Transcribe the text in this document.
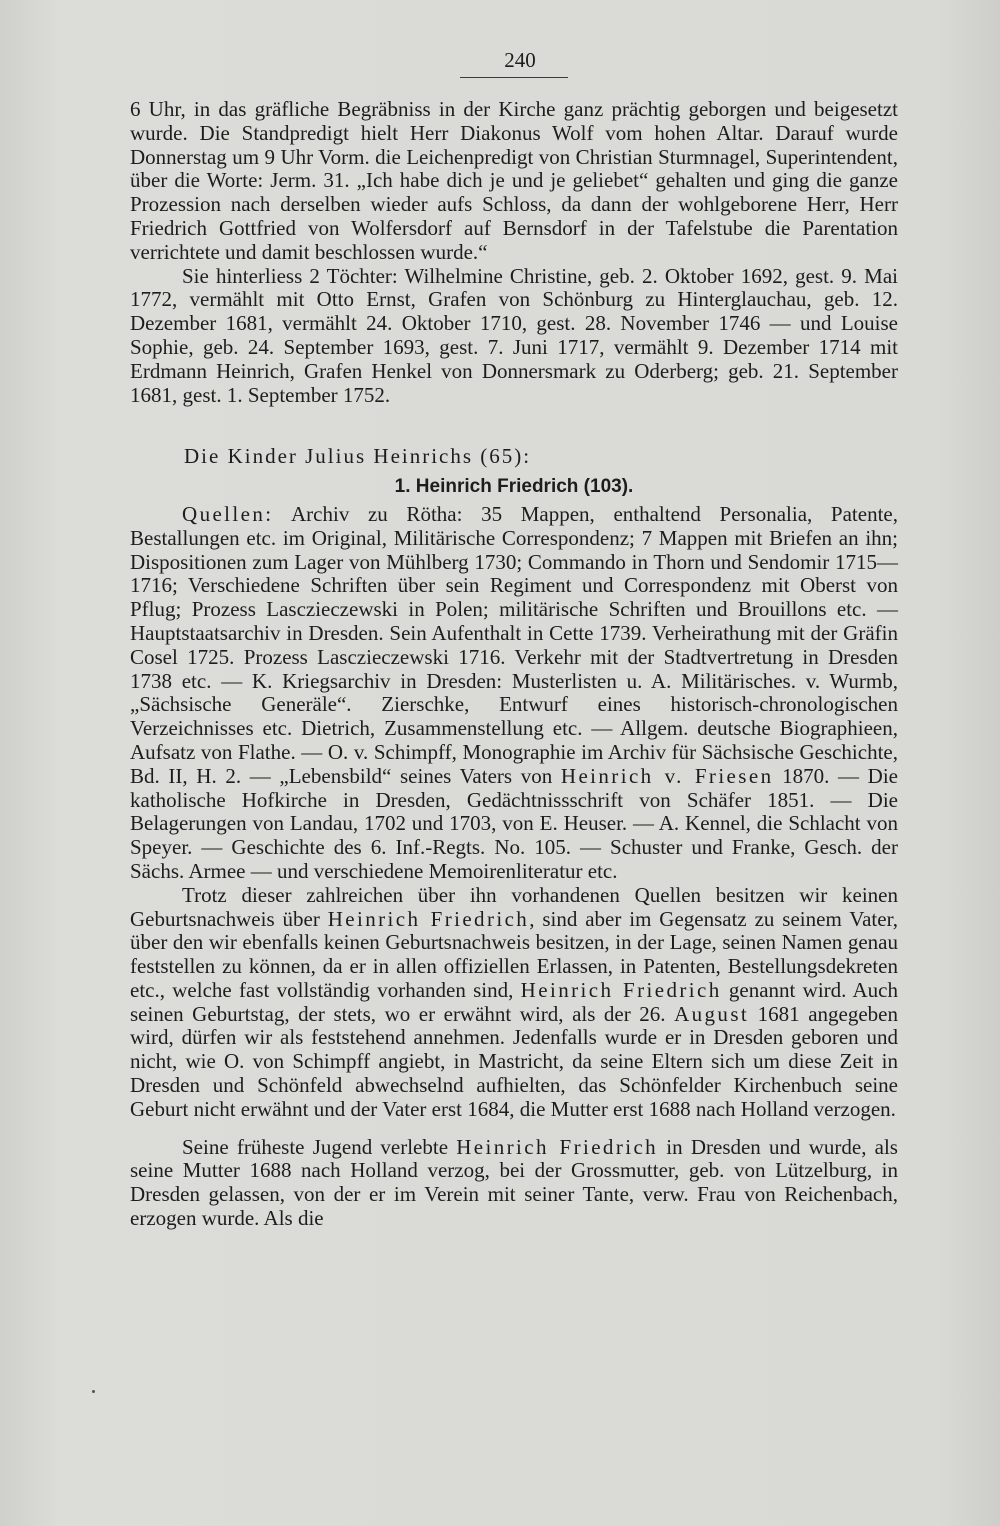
240

6 Uhr, in das gräfliche Begräbniss in der Kirche ganz prächtig geborgen und beigesetzt wurde. Die Standpredigt hielt Herr Diakonus Wolf vom hohen Altar. Darauf wurde Donnerstag um 9 Uhr Vorm. die Leichenpredigt von Christian Sturmnagel, Superintendent, über die Worte: Jerm. 31. „Ich habe dich je und je geliebet“ gehalten und ging die ganze Prozession nach derselben wieder aufs Schloss, da dann der wohlgeborene Herr, Herr Friedrich Gottfried von Wolfersdorf auf Bernsdorf in der Tafelstube die Parentation verrichtete und damit beschlossen wurde.“

Sie hinterliess 2 Töchter: Wilhelmine Christine, geb. 2. Oktober 1692, gest. 9. Mai 1772, vermählt mit Otto Ernst, Grafen von Schönburg zu Hinterglauchau, geb. 12. Dezember 1681, vermählt 24. Oktober 1710, gest. 28. November 1746 — und Louise Sophie, geb. 24. September 1693, gest. 7. Juni 1717, vermählt 9. Dezember 1714 mit Erdmann Heinrich, Grafen Henkel von Donnersmark zu Oderberg; geb. 21. September 1681, gest. 1. September 1752.

Die Kinder Julius Heinrichs (65):

1. Heinrich Friedrich (103).

Quellen: Archiv zu Rötha: 35 Mappen, enthaltend Personalia, Patente, Bestallungen etc. im Original, Militärische Correspondenz; 7 Mappen mit Briefen an ihn; Dispositionen zum Lager von Mühlberg 1730; Commando in Thorn und Sendomir 1715—1716; Verschiedene Schriften über sein Regiment und Correspondenz mit Oberst von Pflug; Prozess Lasczieczewski in Polen; militärische Schriften und Brouillons etc. — Hauptstaatsarchiv in Dresden. Sein Aufenthalt in Cette 1739. Verheirathung mit der Gräfin Cosel 1725. Prozess Lasczieczewski 1716. Verkehr mit der Stadtvertretung in Dresden 1738 etc. — K. Kriegsarchiv in Dresden: Musterlisten u. A. Militärisches. v. Wurmb, „Sächsische Generäle“. Zierschke, Entwurf eines historisch-chronologischen Verzeichnisses etc. Dietrich, Zusammenstellung etc. — Allgem. deutsche Biographieen, Aufsatz von Flathe. — O. v. Schimpff, Monographie im Archiv für Sächsische Geschichte, Bd. II, H. 2. — „Lebensbild“ seines Vaters von Heinrich v. Friesen 1870. — Die katholische Hofkirche in Dresden, Gedächtnissschrift von Schäfer 1851. — Die Belagerungen von Landau, 1702 und 1703, von E. Heuser. — A. Kennel, die Schlacht von Speyer. — Geschichte des 6. Inf.-Regts. No. 105. — Schuster und Franke, Gesch. der Sächs. Armee — und verschiedene Memoirenliteratur etc.

Trotz dieser zahlreichen über ihn vorhandenen Quellen besitzen wir keinen Geburtsnachweis über Heinrich Friedrich, sind aber im Gegensatz zu seinem Vater, über den wir ebenfalls keinen Geburtsnachweis besitzen, in der Lage, seinen Namen genau feststellen zu können, da er in allen offiziellen Erlassen, in Patenten, Bestellungsdekreten etc., welche fast vollständig vorhanden sind, Heinrich Friedrich genannt wird. Auch seinen Geburtstag, der stets, wo er erwähnt wird, als der 26. August 1681 angegeben wird, dürfen wir als feststehend annehmen. Jedenfalls wurde er in Dresden geboren und nicht, wie O. von Schimpff angiebt, in Mastricht, da seine Eltern sich um diese Zeit in Dresden und Schönfeld abwechselnd aufhielten, das Schönfelder Kirchenbuch seine Geburt nicht erwähnt und der Vater erst 1684, die Mutter erst 1688 nach Holland verzogen.

Seine früheste Jugend verlebte Heinrich Friedrich in Dresden und wurde, als seine Mutter 1688 nach Holland verzog, bei der Grossmutter, geb. von Lützelburg, in Dresden gelassen, von der er im Verein mit seiner Tante, verw. Frau von Reichenbach, erzogen wurde. Als die
